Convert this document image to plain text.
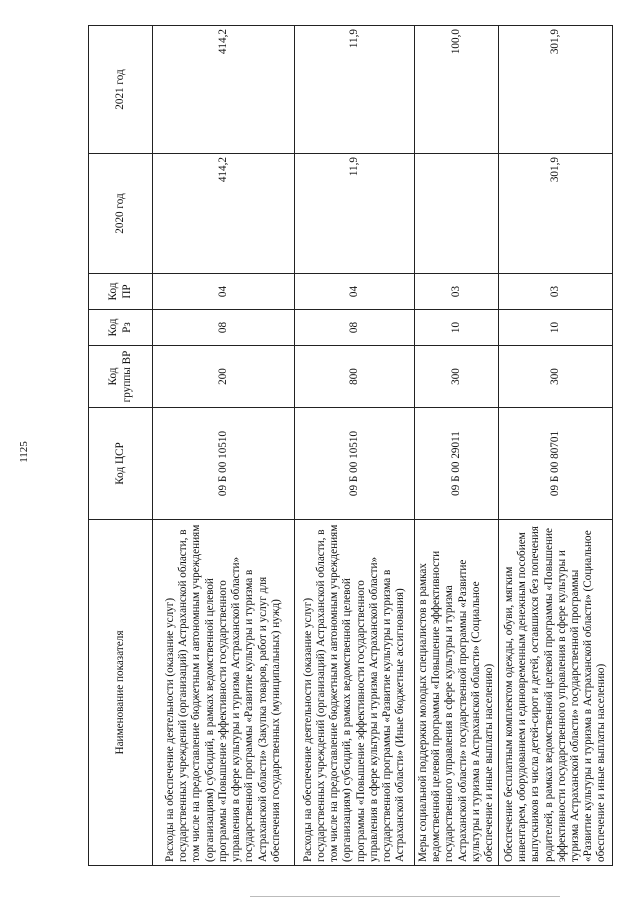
1125
Наименование показателя	Код ЦСР	Код группы ВР	Код Рз	Код ПР	2020 год	2021 год
Расходы на обеспечение деятельности (оказание услуг) государственных учреждений (организаций) Астраханской области, в том числе на предоставление бюджетным и автономным учреждениям (организациям) субсидий, в рамках ведомственной целевой программы «Повышение эффективности государственного управления в сфере культуры и туризма Астраханской области» государственной программы «Развитие культуры и туризма в Астраханской области» (Закупка товаров, работ и услуг для обеспечения государственных (муниципальных) нужд)	09 Б 00 10510	200	08	04	414,2	414,2
Расходы на обеспечение деятельности (оказание услуг) государственных учреждений (организаций) Астраханской области, в том числе на предоставление бюджетным и автономным учреждениям (организациям) субсидий, в рамках ведомственной целевой программы «Повышение эффективности государственного управления в сфере культуры и туризма Астраханской области» государственной программы «Развитие культуры и туризма в Астраханской области» (Иные бюджетные ассигнования)	09 Б 00 10510	800	08	04	11,9	11,9
Меры социальной поддержки молодых специалистов в рамках ведомственной целевой программы «Повышение эффективности государственного управления в сфере культуры и туризма Астраханской области» государственной программы «Развитие культуры и туризма в Астраханской области» (Социальное обеспечение и иные выплаты населению)	09 Б 00 29011	300	10	03		100,0
Обеспечение бесплатным комплектом одежды, обуви, мягким инвентарем, оборудованием и единовременным денежным пособием выпускников из числа детей-сирот и детей, оставшихся без попечения родителей, в рамках ведомственной целевой программы «Повышение эффективности государственного управления в сфере культуры и туризма Астраханской области» государственной программы «Развитие культуры и туризма в Астраханской области» (Социальное обеспечение и иные выплаты населению)	09 Б 00 80701	300	10	03	301,9	301,9
